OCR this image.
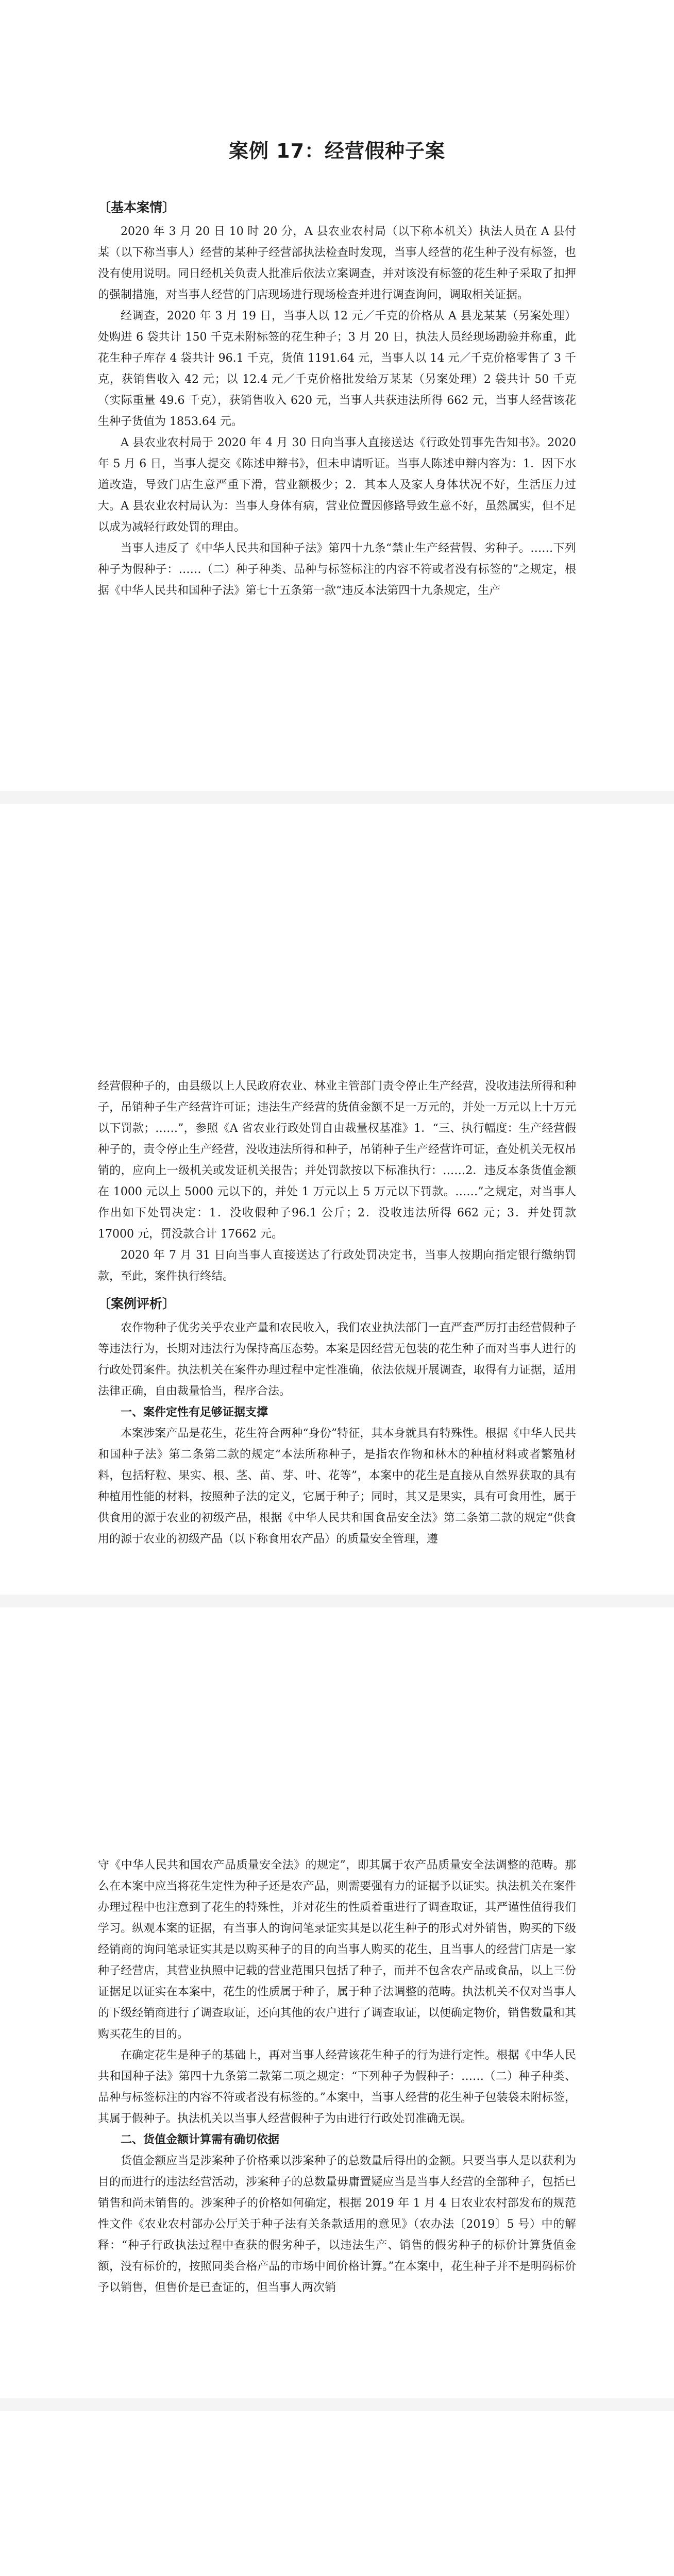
案例 17：经营假种子案
〔基本案情〕

2020 年 3 月 20 日 10 时 20 分，A 县农业农村局（以下称本机关）执法人员在 A 县付某（以下称当事人）经营的某种子经营部执法检查时发现，当事人经营的花生种子没有标签，也没有使用说明。同日经机关负责人批准后依法立案调查，并对该没有标签的花生种子采取了扣押的强制措施，对当事人经营的门店现场进行现场检查并进行调查询问，调取相关证据。

经调查，2020 年 3 月 19 日，当事人以 12 元／千克的价格从 A 县龙某某（另案处理）处购进 6 袋共计 150 千克未附标签的花生种子；3 月 20 日，执法人员经现场勘验并称重，此花生种子库存 4 袋共计 96.1 千克，货值 1191.64 元，当事人以 14 元／千克价格零售了 3 千克，获销售收入 42 元；以 12.4 元／千克价格批发给万某某（另案处理）2 袋共计 50 千克（实际重量 49.6 千克），获销售收入 620 元，当事人共获违法所得 662 元，当事人经营该花生种子货值为 1853.64 元。

A 县农业农村局于 2020 年 4 月 30 日向当事人直接送达《行政处罚事先告知书》。2020 年 5 月 6 日，当事人提交《陈述申辩书》，但未申请听证。当事人陈述申辩内容为：1．因下水道改造，导致门店生意严重下滑，营业额极少；2．其本人及家人身体状况不好，生活压力过大。A 县农业农村局认为：当事人身体有病，营业位置因修路导致生意不好，虽然属实，但不足以成为减轻行政处罚的理由。

当事人违反了《中华人民共和国种子法》第四十九条“禁止生产经营假、劣种子。……下列种子为假种子：……（二）种子种类、品种与标签标注的内容不符或者没有标签的”之规定，根据《中华人民共和国种子法》第七十五条第一款“违反本法第四十九条规定，生产

经营假种子的，由县级以上人民政府农业、林业主管部门责令停止生产经营，没收违法所得和种子，吊销种子生产经营许可证；违法生产经营的货值金额不足一万元的，并处一万元以上十万元以下罚款；……”，参照《A 省农业行政处罚自由裁量权基准》1．“三、执行幅度：生产经营假种子的，责令停止生产经营，没收违法所得和种子，吊销种子生产经营许可证，查处机关无权吊销的，应向上一级机关或发证机关报告；并处罚款按以下标准执行：……2．违反本条货值金额在 1000 元以上 5000 元以下的，并处 1 万元以上 5 万元以下罚款。……”之规定，对当事人作出如下处罚决定：1．没收假种子96.1 公斤；2．没收违法所得 662 元；3．并处罚款 17000 元，罚没款合计 17662 元。

2020 年 7 月 31 日向当事人直接送达了行政处罚决定书，当事人按期向指定银行缴纳罚款，至此，案件执行终结。

〔案例评析〕

农作物种子优劣关乎农业产量和农民收入，我们农业执法部门一直严查严厉打击经营假种子等违法行为，长期对违法行为保持高压态势。本案是因经营无包装的花生种子而对当事人进行的行政处罚案件。执法机关在案件办理过程中定性准确，依法依规开展调查，取得有力证据，适用法律正确，自由裁量恰当，程序合法。

一、案件定性有足够证据支撑

本案涉案产品是花生，花生符合两种“身份”特征，其本身就具有特殊性。根据《中华人民共和国种子法》第二条第二款的规定“本法所称种子，是指农作物和林木的种植材料或者繁殖材料，包括籽粒、果实、根、茎、苗、芽、叶、花等”，本案中的花生是直接从自然界获取的具有种植用性能的材料，按照种子法的定义，它属于种子；同时，其又是果实，具有可食用性，属于供食用的源于农业的初级产品，根据《中华人民共和国食品安全法》第二条第二款的规定“供食用的源于农业的初级产品（以下称食用农产品）的质量安全管理，遵

守《中华人民共和国农产品质量安全法》的规定”，即其属于农产品质量安全法调整的范畴。那么在本案中应当将花生定性为种子还是农产品，则需要强有力的证据予以证实。执法机关在案件办理过程中也注意到了花生的特殊性，并对花生的性质着重进行了调查取证，其严谨性值得我们学习。纵观本案的证据，有当事人的询问笔录证实其是以花生种子的形式对外销售，购买的下级经销商的询问笔录证实其是以购买种子的目的向当事人购买的花生，且当事人的经营门店是一家种子经营店，其营业执照中记载的营业范围只包括了种子，而并不包含农产品或食品，以上三份证据足以证实在本案中，花生的性质属于种子，属于种子法调整的范畴。执法机关不仅对当事人的下级经销商进行了调查取证，还向其他的农户进行了调查取证，以便确定物价，销售数量和其购买花生的目的。

在确定花生是种子的基础上，再对当事人经营该花生种子的行为进行定性。根据《中华人民共和国种子法》第四十九条第二款第二项之规定：“下列种子为假种子：……（二）种子种类、品种与标签标注的内容不符或者没有标签的。”本案中，当事人经营的花生种子包装袋未附标签，其属于假种子。执法机关以当事人经营假种子为由进行行政处罚准确无误。

二、货值金额计算需有确切依据

货值金额应当是涉案种子价格乘以涉案种子的总数量后得出的金额。只要当事人是以获利为目的而进行的违法经营活动，涉案种子的总数量毋庸置疑应当是当事人经营的全部种子，包括已销售和尚未销售的。涉案种子的价格如何确定，根据 2019 年 1 月 4 日农业农村部发布的规范性文件《农业农村部办公厅关于种子法有关条款适用的意见》（农办法〔2019〕5 号）中的解释：“种子行政执法过程中查获的假劣种子，以违法生产、销售的假劣种子的标价计算货值金额，没有标价的，按照同类合格产品的市场中间价格计算。”在本案中，花生种子并不是明码标价予以销售，但售价是已查证的，但当事人两次销
